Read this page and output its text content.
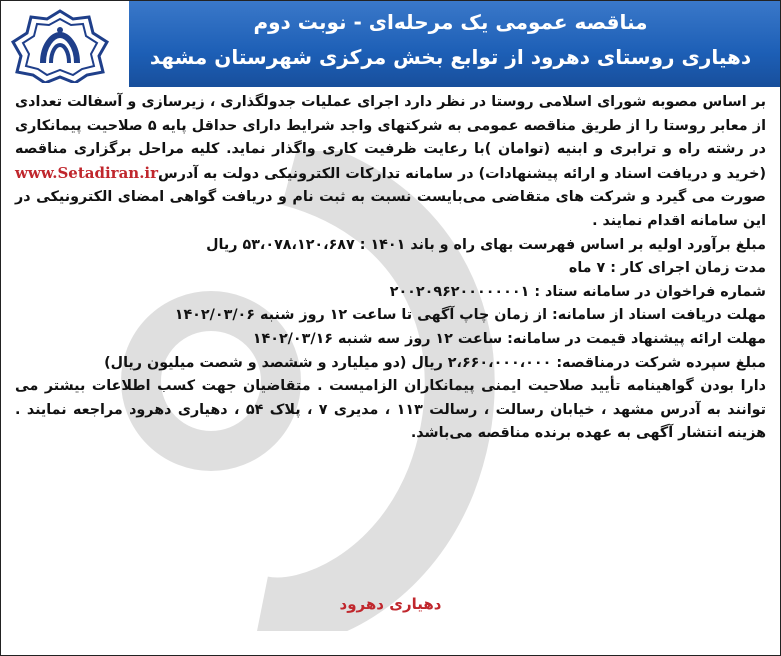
مناقصه عمومی یک مرحله‌ای - نوبت دوم
دهیاری روستای دهرود از توابع بخش مرکزی شهرستان مشهد

بر اساس مصوبه شورای اسلامی روستا در نظر دارد اجرای عملیات جدولگذاری ، زیرسازی و آسفالت تعدادی از معابر روستا را از طریق مناقصه عمومی به شرکتهای واجد شرایط دارای حداقل پایه ۵ صلاحیت پیمانکاری در رشته راه و ترابری و ابنیه (توامان )با رعایت ظرفیت کاری واگذار نماید. کلیه مراحل برگزاری مناقصه (خرید و دریافت اسناد و ارائه پیشنهادات) در سامانه تدارکات الکترونیکی دولت به آدرسwww.Setadiran.ir صورت می گیرد و شرکت های متقاضی می‌بایست نسبت به ثبت نام و دریافت گواهی امضای الکترونیکی در این سامانه اقدام نمایند .

مبلغ برآورد اولیه بر اساس فهرست بهای راه و باند ۱۴۰۱ : ۵۳،۰۷۸،۱۲۰،۶۸۷ ریال

مدت زمان اجرای کار : ۷ ماه

شماره فراخوان در سامانه ستاد : ۲۰۰۲۰۹۶۲۰۰۰۰۰۰۰۱

مهلت دریافت اسناد از سامانه: از زمان چاپ آگهی تا ساعت ۱۲ روز شنبه ۱۴۰۲/۰۳/۰۶

مهلت ارائه پیشنهاد قیمت در سامانه: ساعت ۱۲ روز سه شنبه ۱۴۰۲/۰۳/۱۶

مبلغ سپرده شرکت درمناقصه: ۲،۶۶۰،۰۰۰،۰۰۰ ریال (دو میلیارد و ششصد و شصت میلیون ریال)

دارا بودن گواهینامه تأیید صلاحیت ایمنی پیمانکاران الزامیست . متقاضیان جهت کسب اطلاعات بیشتر می توانند به آدرس مشهد ، خیابان رسالت ، رسالت ۱۱۳ ، مدیری ۷ ، پلاک ۵۴ ، دهیاری دهرود مراجعه نمایند . هزینه انتشار آگهی به عهده برنده مناقصه می‌باشد.

دهیاری دهرود
